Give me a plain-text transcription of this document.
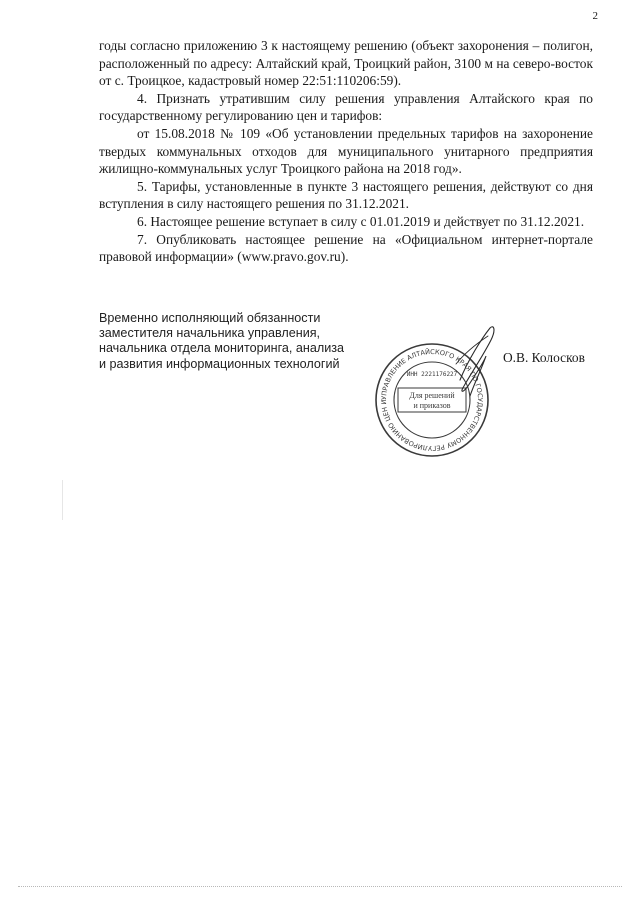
2

годы согласно приложению 3 к настоящему решению (объект захоронения – полигон, расположенный по адресу: Алтайский край, Троицкий район, 3100 м на северо-восток от с. Троицкое, кадастровый номер 22:51:110206:59).

4. Признать утратившим силу решения управления Алтайского края по государственному регулированию цен и тарифов:

от 15.08.2018 № 109 «Об установлении предельных тарифов на захоронение твердых коммунальных отходов для муниципального унитарного предприятия жилищно-коммунальных услуг Троицкого района на 2018 год».

5. Тарифы, установленные в пункте 3 настоящего решения, действуют со дня вступления в силу настоящего решения по 31.12.2021.

6. Настоящее решение вступает в силу с 01.01.2019 и действует по 31.12.2021.

7. Опубликовать настоящее решение на «Официальном интернет-портале правовой информации» (www.pravo.gov.ru).

Временно исполняющий обязанности
заместителя начальника управления,
начальника отдела мониторинга, анализа
и развития информационных технологий
УПРАВЛЕНИЕ АЛТАЙСКОГО КРАЯ ПО ГОСУДАРСТВЕННОМУ РЕГУЛИРОВАНИЮ ЦЕН И
ИНН 2221176227
Для решений
и приказов
О.В. Колосков
